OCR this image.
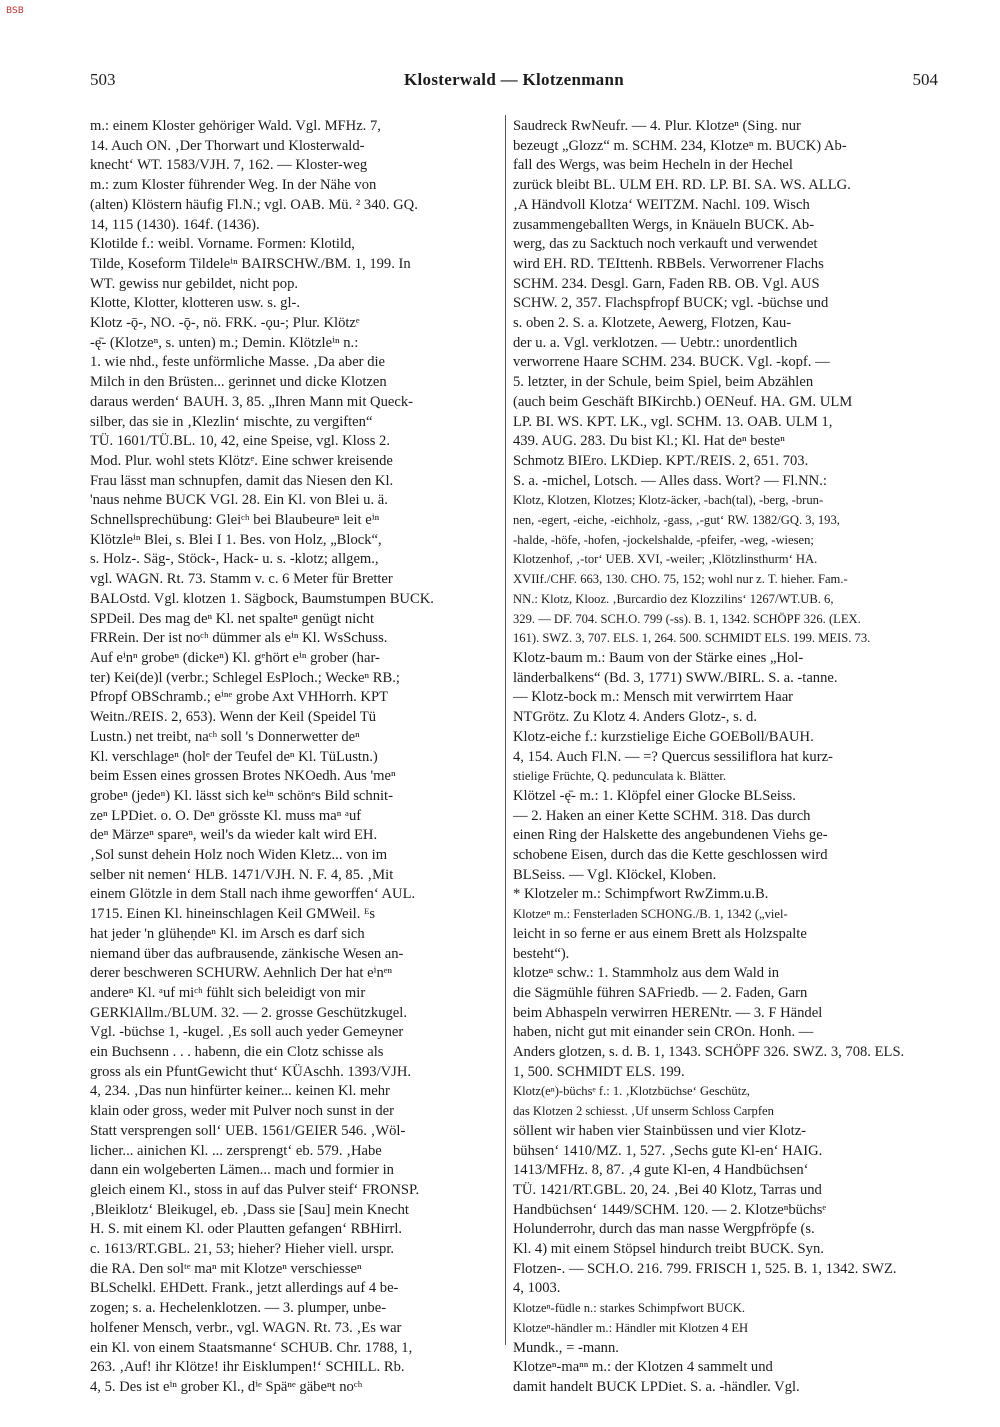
BSB
503	Klosterwald — Klotzenmann	504
m.: einem Kloster gehöriger Wald. Vgl. MFHz. 7,
14. Auch ON. ‚Der Thorwart und Klosterwald-
knecht‘ WT. 1583/VJH. 7, 162. — Kloster-weg
m.: zum Kloster führender Weg. In der Nähe von
(alten) Klöstern häufig Fl.N.; vgl. OAB. Mü. ² 340. GQ.
14, 115 (1430). 164f. (1436).
Klotilde f.: weibl. Vorname. Formen: Klotild,
Tilde, Koseform Tildeleⁱⁿ BAIRSCHW./BM. 1, 199. In
WT. gewiss nur gebildet, nicht pop.
Klotte, Klotter, klotteren usw. s. gl-.
Klotz -ǭ-, NO. -ǭ-, nö. FRK. -ǫu-; Plur. Klötzᵉ
-ę̄- (Klotzeⁿ, s. unten) m.; Demin. Klötzleⁱⁿ n.:
1. wie nhd., feste unförmliche Masse. ‚Da aber die
Milch in den Brüsten... gerinnet und dicke Klotzen
daraus werden‘ BAUH. 3, 85. „Ihren Mann mit Queck-
silber, das sie in ‚Klezlin‘ mischte, zu vergiften“
TÜ. 1601/TÜ.BL. 10, 42, eine Speise, vgl. Kloss 2.
Mod. Plur. wohl stets Klötzᵉ. Eine schwer kreisende
Frau lässt man schnupfen, damit das Niesen den Kl.
'naus nehme BUCK VGl. 28. Ein Kl. von Blei u. ä.
Schnellsprechübung: Gleiᶜʰ bei Blaubeureⁿ leit eⁱⁿ
Klötzleⁱⁿ Blei, s. Blei I 1. Bes. von Holz, „Block“,
s. Holz-. Säg-, Stöck-, Hack- u. s. -klotz; allgem.,
vgl. WAGN. Rt. 73. Stamm v. c. 6 Meter für Bretter
BALOstd. Vgl. klotzen 1. Sägbock, Baumstumpen BUCK.
SPDeil. Des mag deⁿ Kl. net spalteⁿ genügt nicht
FRRein. Der ist noᶜʰ dümmer als eⁱⁿ Kl. WsSchuss.
Auf eⁱnⁿ grobeⁿ (dickeⁿ) Kl. gᵉhört eⁱⁿ grober (har-
ter) Kei(de)l (verbr.; Schlegel EsPloch.; Weckeⁿ RB.;
Pfropf OBSchramb.; eⁱⁿᵉ grobe Axt VHHorrh. KPT
Weitn./REIS. 2, 653). Wenn der Keil (Speidel Tü
Lustn.) net treibt, naᶜʰ soll 's Donnerwetter deⁿ
Kl. verschlageⁿ (holᵉ der Teufel deⁿ Kl. TüLustn.)
beim Essen eines grossen Brotes NKOedh. Aus 'meⁿ
grobeⁿ (jedeⁿ) Kl. lässt sich keⁱⁿ schönᵉs Bild schnit-
zeⁿ LPDiet. o. O. Deⁿ grösste Kl. muss maⁿ ᵃuf
deⁿ Märzeⁿ spareⁿ, weil's da wieder kalt wird EH.
‚Sol sunst dehein Holz noch Widen Kletz... von im
selber nit nemen‘ HLB. 1471/VJH. N. F. 4, 85. ‚Mit
einem Glötzle in dem Stall nach ihme geworffen‘ AUL.
1715. Einen Kl. hineinschlagen Keil GMWeil. ᴱs
hat jeder 'n glüheṇdeⁿ Kl. im Arsch es darf sich
niemand über das aufbrausende, zänkische Wesen an-
derer beschweren SCHURW. Aehnlich Der hat eⁱnᵉⁿ
andereⁿ Kl. ᵃuf miᶜʰ fühlt sich beleidigt von mir
GERKlAllm./BLUM. 32. — 2. grosse Geschützkugel.
Vgl. -büchse 1, -kugel. ‚Es soll auch yeder Gemeyner
ein Buchsenn . . . habenn, die ein Clotz schisse als
gross als ein PfuntGewicht thut‘ KÜAschh. 1393/VJH.
4, 234. ‚Das nun hinfürter keiner... keinen Kl. mehr
klain oder gross, weder mit Pulver noch sunst in der
Statt versprengen soll‘ UEB. 1561/GEIER 546. ‚Wöl-
licher... ainichen Kl. ... zersprengt‘ eb. 579. ‚Habe
dann ein wolgeberten Lämen... mach und formier in
gleich einem Kl., stoss in auf das Pulver steif‘ FRONSP.
‚Bleiklotz‘ Bleikugel, eb. ‚Dass sie [Sau] mein Knecht
H. S. mit einem Kl. oder Plautten gefangen‘ RBHirrl.
c. 1613/RT.GBL. 21, 53; hieher? Hieher viell. urspr.
die RA. Den solᵗᵉ maⁿ mit Klotzeⁿ verschiesseⁿ
BLSchelkl. EHDett. Frank., jetzt allerdings auf 4 be-
zogen; s. a. Hechelenklotzen. — 3. plumper, unbe-
holfener Mensch, verbr., vgl. WAGN. Rt. 73. ‚Es war
ein Kl. von einem Staatsmanne‘ SCHUB. Chr. 1788, 1,
263. ‚Auf! ihr Klötze! ihr Eisklumpen!‘ SCHILL. Rb.
4, 5. Des ist eⁱⁿ grober Kl., dⁱᵉ Späⁿᵉ gäbeⁿt noᶜʰ
Saudreck RwNeufr. — 4. Plur. Klotzeⁿ (Sing. nur
bezeugt „Glozz“ m. SCHM. 234, Klotzeⁿ m. BUCK) Ab-
fall des Wergs, was beim Hecheln in der Hechel
zurück bleibt BL. ULM EH. RD. LP. BI. SA. WS. ALLG.
‚A Händvoll Klotza‘ WEITZM. Nachl. 109. Wisch
zusammengeballten Wergs, in Knäueln BUCK. Ab-
werg, das zu Sacktuch noch verkauft und verwendet
wird EH. RD. TEIttenh. RBBels. Verworrener Flachs
SCHM. 234. Desgl. Garn, Faden RB. OB. Vgl. AUS
SCHW. 2, 357. Flachspfropf BUCK; vgl. -büchse und
s. oben 2. S. a. Klotzete, Aewerg, Flotzen, Kau-
der u. a. Vgl. verklotzen. — Uebtr.: unordentlich
verworrene Haare SCHM. 234. BUCK. Vgl. -kopf. —
5. letzter, in der Schule, beim Spiel, beim Abzählen
(auch beim Geschäft BIKirchb.) OENeuf. HA. GM. ULM
LP. BI. WS. KPT. LK., vgl. SCHM. 13. OAB. ULM 1,
439. AUG. 283. Du bist Kl.; Kl. Hat deⁿ besteⁿ
Schmotz BIEro. LKDiep. KPT./REIS. 2, 651. 703.
S. a. -michel, Lotsch. — Alles dass. Wort? — Fl.NN.:
Klotz, Klotzen, Klotzes; Klotz-äcker, -bach(tal), -berg, -brun-
nen, -egert, -eiche, -eichholz, -gass, ‚-gut‘ RW. 1382/GQ. 3, 193,
-halde, -höfe, -hofen, -jockelshalde, -pfeifer, -weg, -wiesen;
Klotzenhof, ‚-tor‘ UEB. XVI, -weiler; ‚Klötzlinsthurm‘ HA.
XVIIf./CHF. 663, 130. CHO. 75, 152; wohl nur z. T. hieher. Fam.-
NN.: Klotz, Klooz. ‚Burcardio dez Klozzilins‘ 1267/WT.UB. 6,
329. — DF. 704. SCH.O. 799 (-ss). B. 1, 1342. SCHÖPF 326. (LEX.
161). SWZ. 3, 707. ELS. 1, 264. 500. SCHMIDT ELS. 199. MEIS. 73.
Klotz-baum m.: Baum von der Stärke eines „Hol-
länderbalkens“ (Bd. 3, 1771) SWW./BIRL. S. a. -tanne.
— Klotz-bock m.: Mensch mit verwirrtem Haar
NTGrötz. Zu Klotz 4. Anders Glotz-, s. d.
Klotz-eiche f.: kurzstielige Eiche GOEBoll/BAUH.
4, 154. Auch Fl.N. — =? Quercus sessiliflora hat kurz-
stielige Früchte, Q. pedunculata k. Blätter.
Klötzel -ę̄- m.: 1. Klöpfel einer Glocke BLSeiss.
— 2. Haken an einer Kette SCHM. 318. Das durch
einen Ring der Halskette des angebundenen Viehs ge-
schobene Eisen, durch das die Kette geschlossen wird
BLSeiss. — Vgl. Klöckel, Kloben.
* Klotzeler m.: Schimpfwort RwZimm.u.B.
Klotzeⁿ m.: Fensterladen SCHONG./B. 1, 1342 („viel-
leicht in so ferne er aus einem Brett als Holzspalte
besteht“).
klotzeⁿ schw.: 1. Stammholz aus dem Wald in
die Sägmühle führen SAFriedb. — 2. Faden, Garn
beim Abhaspeln verwirren HERENtr. — 3. F Händel
haben, nicht gut mit einander sein CROn. Honh. —
Anders glotzen, s. d. B. 1, 1343. SCHÖPF 326. SWZ. 3, 708. ELS.
1, 500. SCHMIDT ELS. 199.
Klotz(eⁿ)-büchsᵉ f.: 1. ‚Klotzbüchse‘ Geschütz,
das Klotzen 2 schiesst. ‚Uf unserm Schloss Carpfen
söllent wir haben vier Stainbüssen und vier Klotz-
bühsen‘ 1410/MZ. 1, 527. ‚Sechs gute Kl-en‘ HAIG.
1413/MFHz. 8, 87. ‚4 gute Kl-en, 4 Handbüchsen‘
TÜ. 1421/RT.GBL. 20, 24. ‚Bei 40 Klotz, Tarras und
Handbüchsen‘ 1449/SCHM. 120. — 2. Klotzeⁿbüchsᵉ
Holunderrohr, durch das man nasse Wergpfröpfe (s.
Kl. 4) mit einem Stöpsel hindurch treibt BUCK. Syn.
Flotzen-. — SCH.O. 216. 799. FRISCH 1, 525. B. 1, 1342. SWZ.
4, 1003.
Klotzeⁿ-füdle n.: starkes Schimpfwort BUCK.
Klotzeⁿ-händler m.: Händler mit Klotzen 4 EH
Mundk., = -mann.
Klotzeⁿ-maⁿⁿ m.: der Klotzen 4 sammelt und
damit handelt BUCK LPDiet. S. a. -händler. Vgl.
